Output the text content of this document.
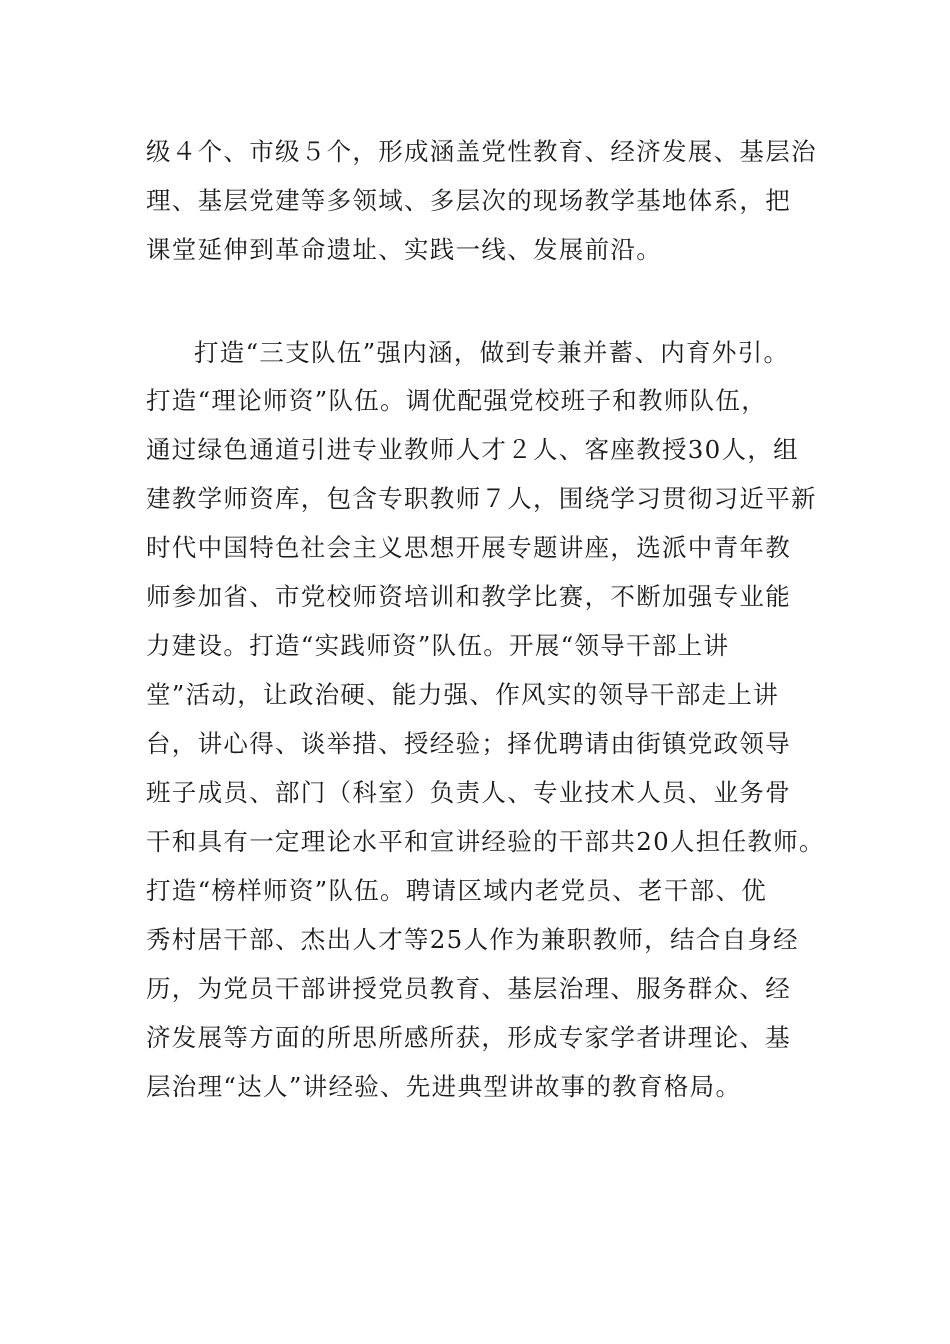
级４个、市级５个，形成涵盖党性教育、经济发展、基层治
理、基层党建等多领域、多层次的现场教学基地体系，把
课堂延伸到革命遗址、实践一线、发展前沿。
打造“三支队伍”强内涵，做到专兼并蓄、内育外引。
打造“理论师资”队伍。调优配强党校班子和教师队伍，
通过绿色通道引进专业教师人才２人、客座教授30人，组
建教学师资库，包含专职教师７人，围绕学习贯彻习近平新
时代中国特色社会主义思想开展专题讲座，选派中青年教
师参加省、市党校师资培训和教学比赛，不断加强专业能
力建设。打造“实践师资”队伍。开展“领导干部上讲
堂”活动，让政治硬、能力强、作风实的领导干部走上讲
台，讲心得、谈举措、授经验；择优聘请由街镇党政领导
班子成员、部门（科室）负责人、专业技术人员、业务骨
干和具有一定理论水平和宣讲经验的干部共20人担任教师。
打造“榜样师资”队伍。聘请区域内老党员、老干部、优
秀村居干部、杰出人才等25人作为兼职教师，结合自身经
历，为党员干部讲授党员教育、基层治理、服务群众、经
济发展等方面的所思所感所获，形成专家学者讲理论、基
层治理“达人”讲经验、先进典型讲故事的教育格局。
